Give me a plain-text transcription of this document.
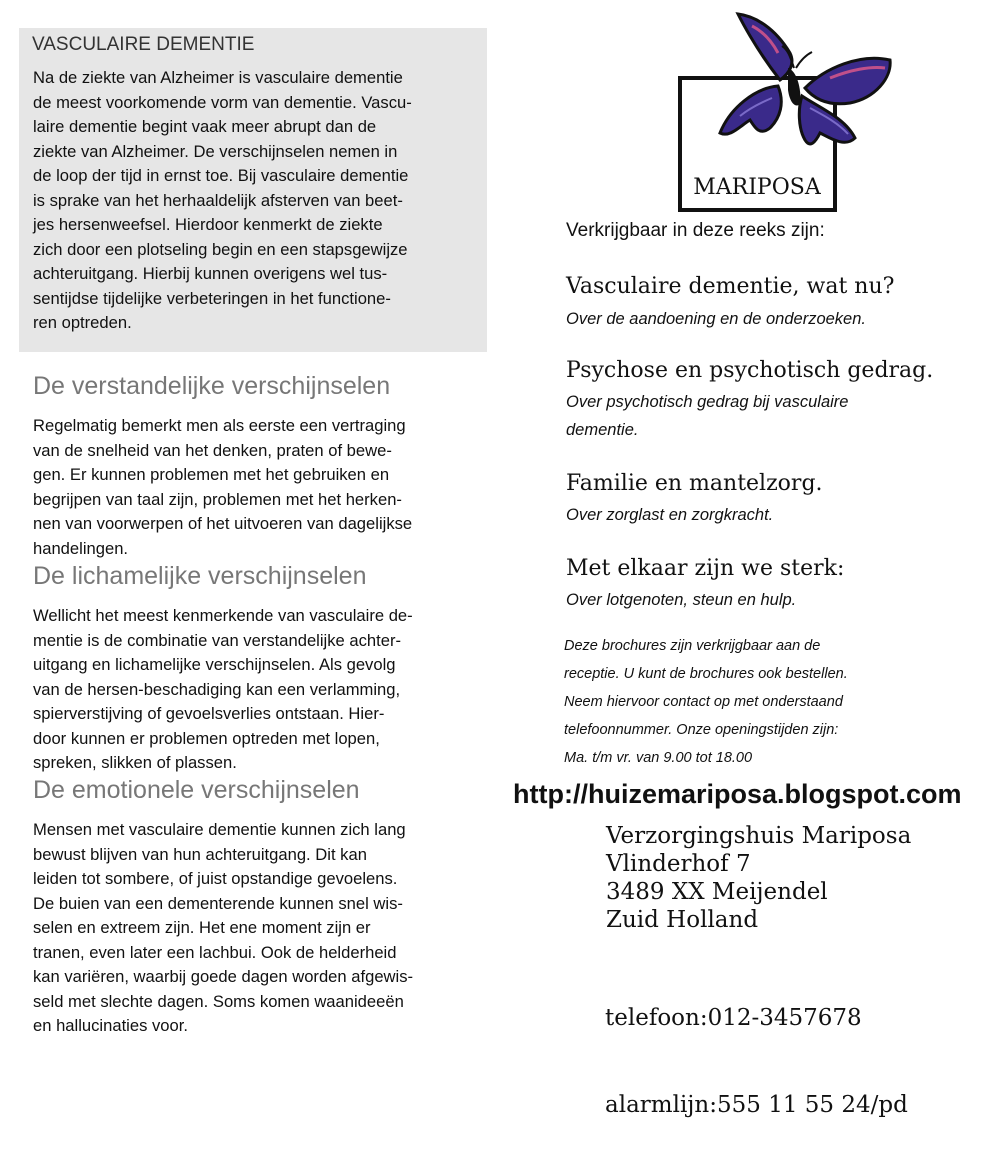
VASCULAIRE DEMENTIE
Na de ziekte van Alzheimer is vasculaire dementie
de meest voorkomende vorm van dementie. Vascu-
laire dementie begint vaak meer abrupt dan de
ziekte van Alzheimer. De verschijnselen nemen in
de loop der tijd in ernst toe. Bij vasculaire dementie
is sprake van het herhaaldelijk afsterven van beet-
jes hersenweefsel. Hierdoor kenmerkt de ziekte
zich door een plotseling begin en een stapsgewijze
achteruitgang. Hierbij kunnen overigens wel tus-
sentijdse tijdelijke verbeteringen in het functione-
ren optreden.
De verstandelijke verschijnselen
Regelmatig bemerkt men als eerste een vertraging
van de snelheid van het denken, praten of bewe-
gen. Er kunnen problemen met het gebruiken en
begrijpen van taal zijn, problemen met het herken-
nen van voorwerpen of het uitvoeren van dagelijkse
handelingen.
De lichamelijke verschijnselen
Wellicht het meest kenmerkende van vasculaire de-
mentie is de combinatie van verstandelijke achter-
uitgang en lichamelijke verschijnselen. Als gevolg
van de hersen-beschadiging kan een verlamming,
spierverstijving of gevoelsverlies ontstaan. Hier-
door kunnen er problemen optreden met lopen,
spreken, slikken of plassen.
De emotionele verschijnselen
Mensen met vasculaire dementie kunnen zich lang
bewust blijven van hun achteruitgang. Dit kan
leiden tot sombere, of juist opstandige gevoelens.
De buien van een dementerende kunnen snel wis-
selen en extreem zijn. Het ene moment zijn er
tranen, even later een lachbui. Ook de helderheid
kan variëren, waarbij goede dagen worden afgewis-
seld met slechte dagen. Soms komen waanideeën
en hallucinaties voor.
MARIPOSA
Verkrijgbaar in deze reeks zijn:
Vasculaire dementie, wat nu?
Over de aandoening en de onderzoeken.
Psychose en psychotisch gedrag.
Over psychotisch gedrag bij vasculaire dementie.
Familie en mantelzorg.
Over zorglast en zorgkracht.
Met elkaar zijn we sterk:
Over lotgenoten, steun en hulp.
Deze brochures zijn verkrijgbaar aan de
receptie. U kunt de brochures ook bestellen.
Neem hiervoor contact op met onderstaand
telefoonnummer. Onze openingstijden zijn:
Ma. t/m vr. van 9.00 tot 18.00
http://huizemariposa.blogspot.com
Verzorgingshuis Mariposa
Vlinderhof 7
3489 XX Meijendel
Zuid Holland

telefoon:012-3457678

alarmlijn:555 11 55 24/pd
